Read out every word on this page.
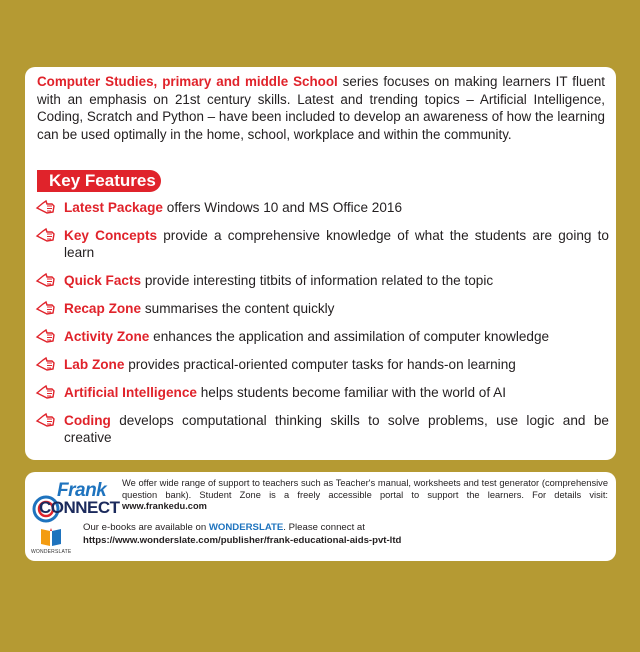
Computer Studies, primary and middle School series focuses on making learners IT fluent with an emphasis on 21st century skills. Latest and trending topics – Artificial Intelligence, Coding, Scratch and Python – have been included to develop an awareness of how the learning can be used optimally in the home, school, workplace and within the community.

Key Features
Latest Package offers Windows 10 and MS Office 2016
Key Concepts provide a comprehensive knowledge of what the students are going to learn
Quick Facts provide interesting titbits of information related to the topic
Recap Zone summarises the content quickly
Activity Zone enhances the application and assimilation of computer knowledge
Lab Zone provides practical-oriented computer tasks for hands-on learning
Artificial Intelligence helps students become familiar with the world of AI
Coding develops computational thinking skills to solve problems, use logic and be creative
Frank
CONNECT
We offer wide range of support to teachers such as Teacher's manual, worksheets and test generator (comprehensive question bank). Student Zone is a freely accessible portal to support the learners. For details visit: www.frankedu.com
WONDERSLATE
Our e-books are available on WONDERSLATE. Please connect at
https://www.wonderslate.com/publisher/frank-educational-aids-pvt-ltd
